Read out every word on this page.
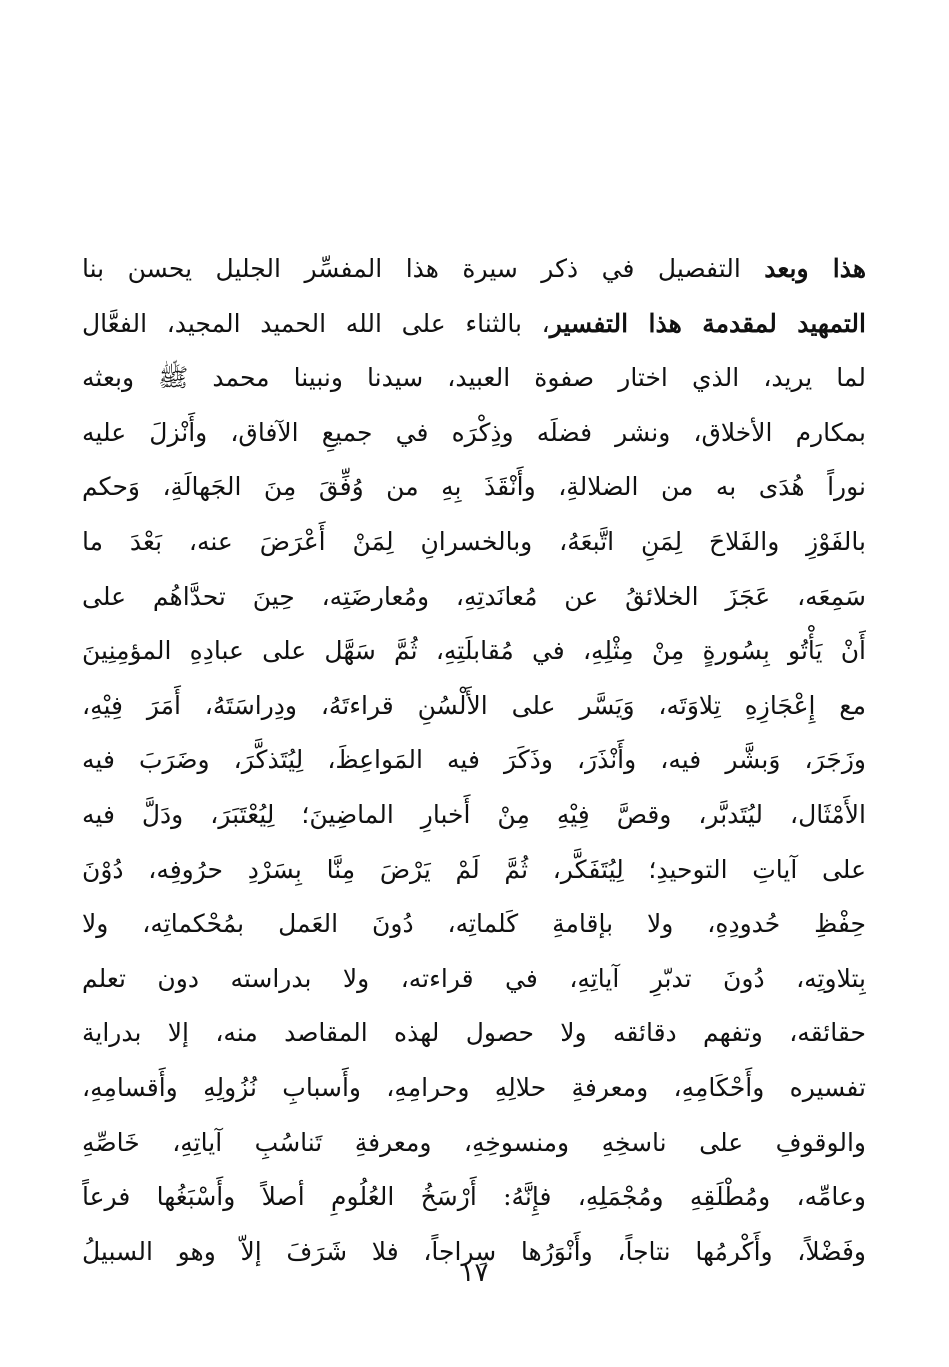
هذا وبعد التفصيل في ذكر سيرة هذا المفسِّر الجليل يحسن بنا
التمهيد لمقدمة هذا التفسير، بالثناء على الله الحميد المجيد، الفعَّال
لما يريد، الذي اختار صفوة العبيد، سيدنا ونبينا محمد ﷺ وبعثه
بمكارم الأخلاق، ونشر فضلَه وذِكْرَه في جميعِ الآفاق، وأَنْزلَ عليه
نوراً هُدَى به من الضلالةِ، وأَنْقَذَ بِهِ من وُفِّقَ مِنَ الجَهالَةِ، وَحكم
بالفَوْزِ والفَلاحَ لِمَنِ اتَّبعَهُ، وبالخسرانِ لِمَنْ أَعْرَضَ عنه، بَعْدَ ما
سَمِعَه، عَجَزَ الخلائقُ عن مُعانَدتِهِ، ومُعارضَتِه، حِينَ تحدَّاهُم على
أَنْ يَأْتُو بِسُورةٍ مِنْ مِثْلِهِ، في مُقابلَتِهِ، ثُمَّ سَهَّل على عبادِهِ المؤمِنِينَ
مع إِعْجَازِهِ تِلاوَتَه، وَيَسَّر على الأَلْسُنِ قراءتَهُ، ودِراسَتَهُ، أَمَرَ فِيْهِ،
وزَجَرَ، وَبشَّر فيه، وأَنْذَرَ، وذَكَرَ فيه المَواعِظَ، لِيُتَذكَّرَ، وضَرَبَ فيه
الأَمْثَال، ليُتَدبَّر، وقصَّ فِيْهِ مِنْ أَخبارِ الماضِينَ؛ لِيُعْتَبَرَ، ودَلَّ فيه
على آياتِ التوحيدِ؛ لِيُتَفَكَّر، ثُمَّ لَمْ يَرْضَ مِنَّا بِسَرْدِ حرُوفِه، دُوْنَ
حِفْظِ حُدودِهِ، ولا بإقامةِ كَلماتِه، دُونَ العَمل بمُحْكماتِه، ولا
بِتلاوتِه، دُونَ تدبّرِ آياتِهِ، في قراءته، ولا بدراسته دون تعلم
حقائقه، وتفهم دقائقه ولا حصول لهذه المقاصد منه، إلا بدراية
تفسيره وأَحْكَامِهِ، ومعرفةِ حلالِهِ وحرامِهِ، وأَسبابِ نُزُولِهِ وأَقسامِهِ،
والوقوفِ على ناسخِهِ ومنسوخِهِ، ومعرفةِ تَناسُبِ آياتِهِ، خَاصِّهِ
وعامِّه، ومُطْلَقِهِ ومُجْمَلِهِ، فإِنَّهُ: أَرْسَخُ العُلُومِ أصلاً وأَسْبَغُها فرعاً
وفَضْلاً، وأَكْرمُها نتاجاً، وأَنْوَرُها سِراجاً، فلا شَرَفَ إلاّ وهو السبيلُ
١٧
